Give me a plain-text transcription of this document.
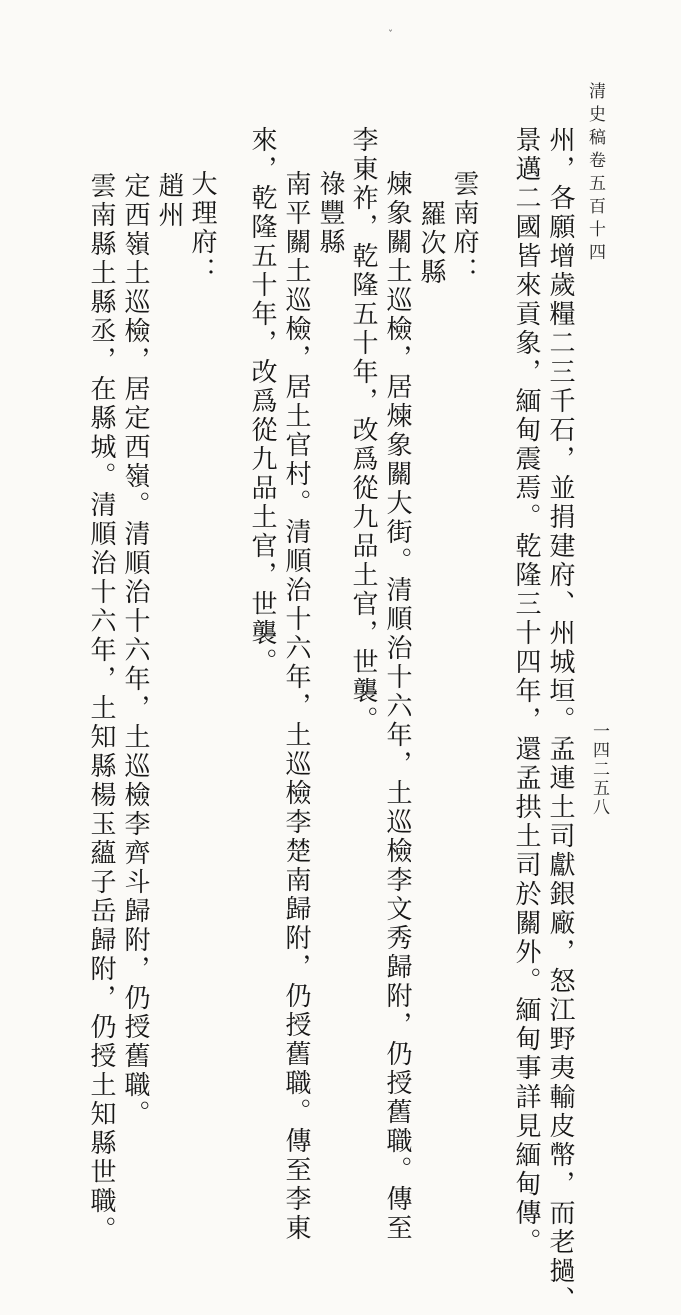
清史稿卷五百十四
一四二五八
ˇ
州，各願增歲糧二三千石，並捐建府、州城垣。孟連土司獻銀廠，怒江野夷輸皮幣，而老撾、
景邁二國皆來貢象，緬甸震焉。乾隆三十四年，還孟拱土司於關外。緬甸事詳見緬甸傳。
雲南府：
羅次縣
煉象關土巡檢，居煉象關大街。清順治十六年，土巡檢李文秀歸附，仍授舊職。傳至
李東祚，乾隆五十年，改爲從九品土官，世襲。
祿豐縣
南平關土巡檢，居土官村。清順治十六年，土巡檢李楚南歸附，仍授舊職。傳至李東
來，乾隆五十年，改爲從九品土官，世襲。
大理府：
趙州
定西嶺土巡檢，居定西嶺。清順治十六年，土巡檢李齊斗歸附，仍授舊職。
雲南縣土縣丞，在縣城。清順治十六年，土知縣楊玉蘊子岳歸附，仍授土知縣世職。
